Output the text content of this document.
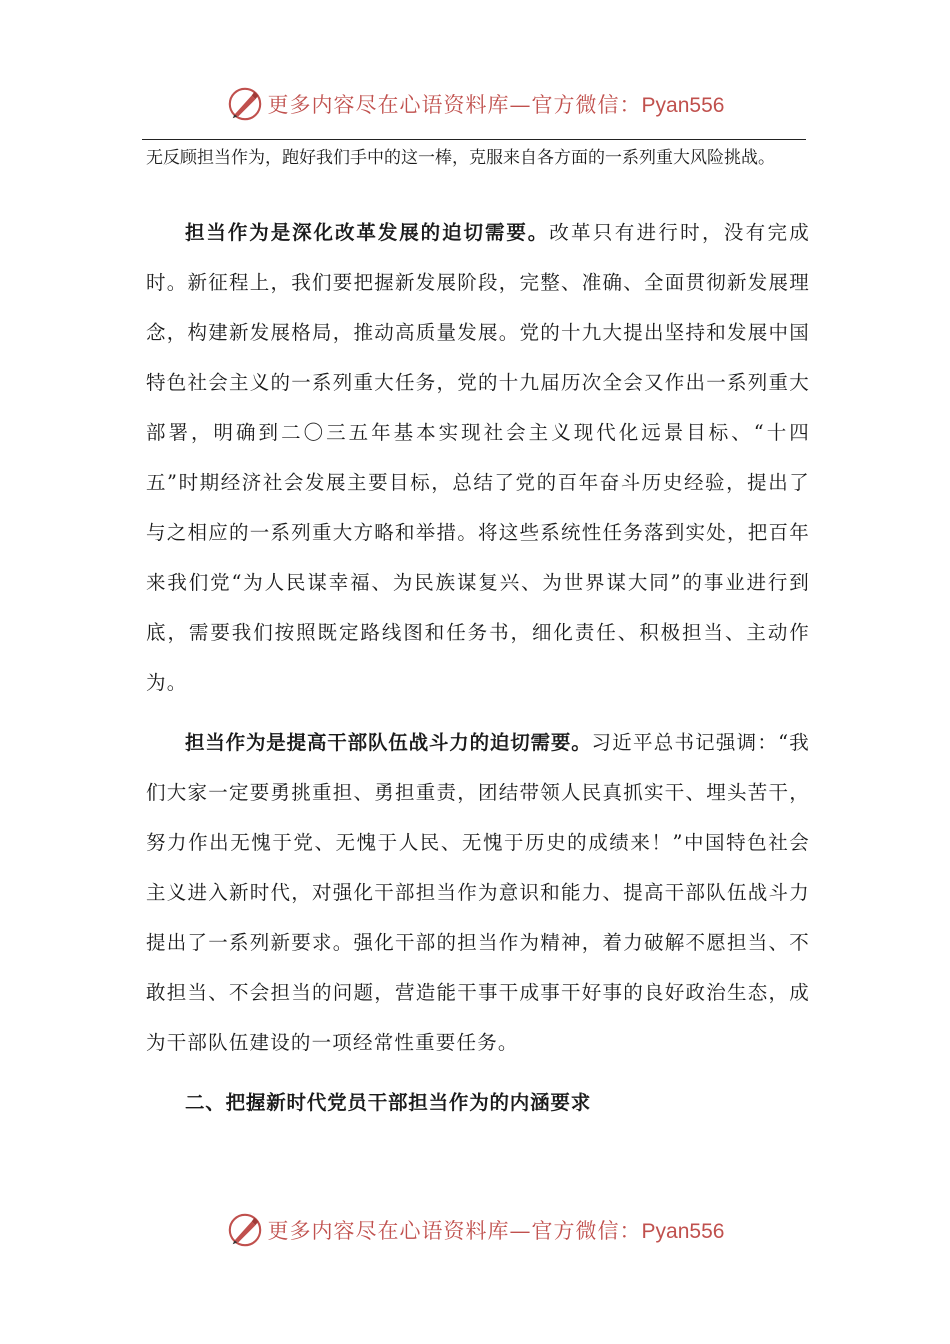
更多内容尽在心语资料库—官方微信：Pyan556
无反顾担当作为，跑好我们手中的这一棒，克服来自各方面的一系列重大风险挑战。

担当作为是深化改革发展的迫切需要。改革只有进行时，没有完成时。新征程上，我们要把握新发展阶段，完整、准确、全面贯彻新发展理念，构建新发展格局，推动高质量发展。党的十九大提出坚持和发展中国特色社会主义的一系列重大任务，党的十九届历次全会又作出一系列重大部署，明确到二〇三五年基本实现社会主义现代化远景目标、“十四五”时期经济社会发展主要目标，总结了党的百年奋斗历史经验，提出了与之相应的一系列重大方略和举措。将这些系统性任务落到实处，把百年来我们党“为人民谋幸福、为民族谋复兴、为世界谋大同”的事业进行到底，需要我们按照既定路线图和任务书，细化责任、积极担当、主动作为。

担当作为是提高干部队伍战斗力的迫切需要。习近平总书记强调：“我们大家一定要勇挑重担、勇担重责，团结带领人民真抓实干、埋头苦干，努力作出无愧于党、无愧于人民、无愧于历史的成绩来！”中国特色社会主义进入新时代，对强化干部担当作为意识和能力、提高干部队伍战斗力提出了一系列新要求。强化干部的担当作为精神，着力破解不愿担当、不敢担当、不会担当的问题，营造能干事干成事干好事的良好政治生态，成为干部队伍建设的一项经常性重要任务。

二、把握新时代党员干部担当作为的内涵要求

更多内容尽在心语资料库—官方微信：Pyan556
